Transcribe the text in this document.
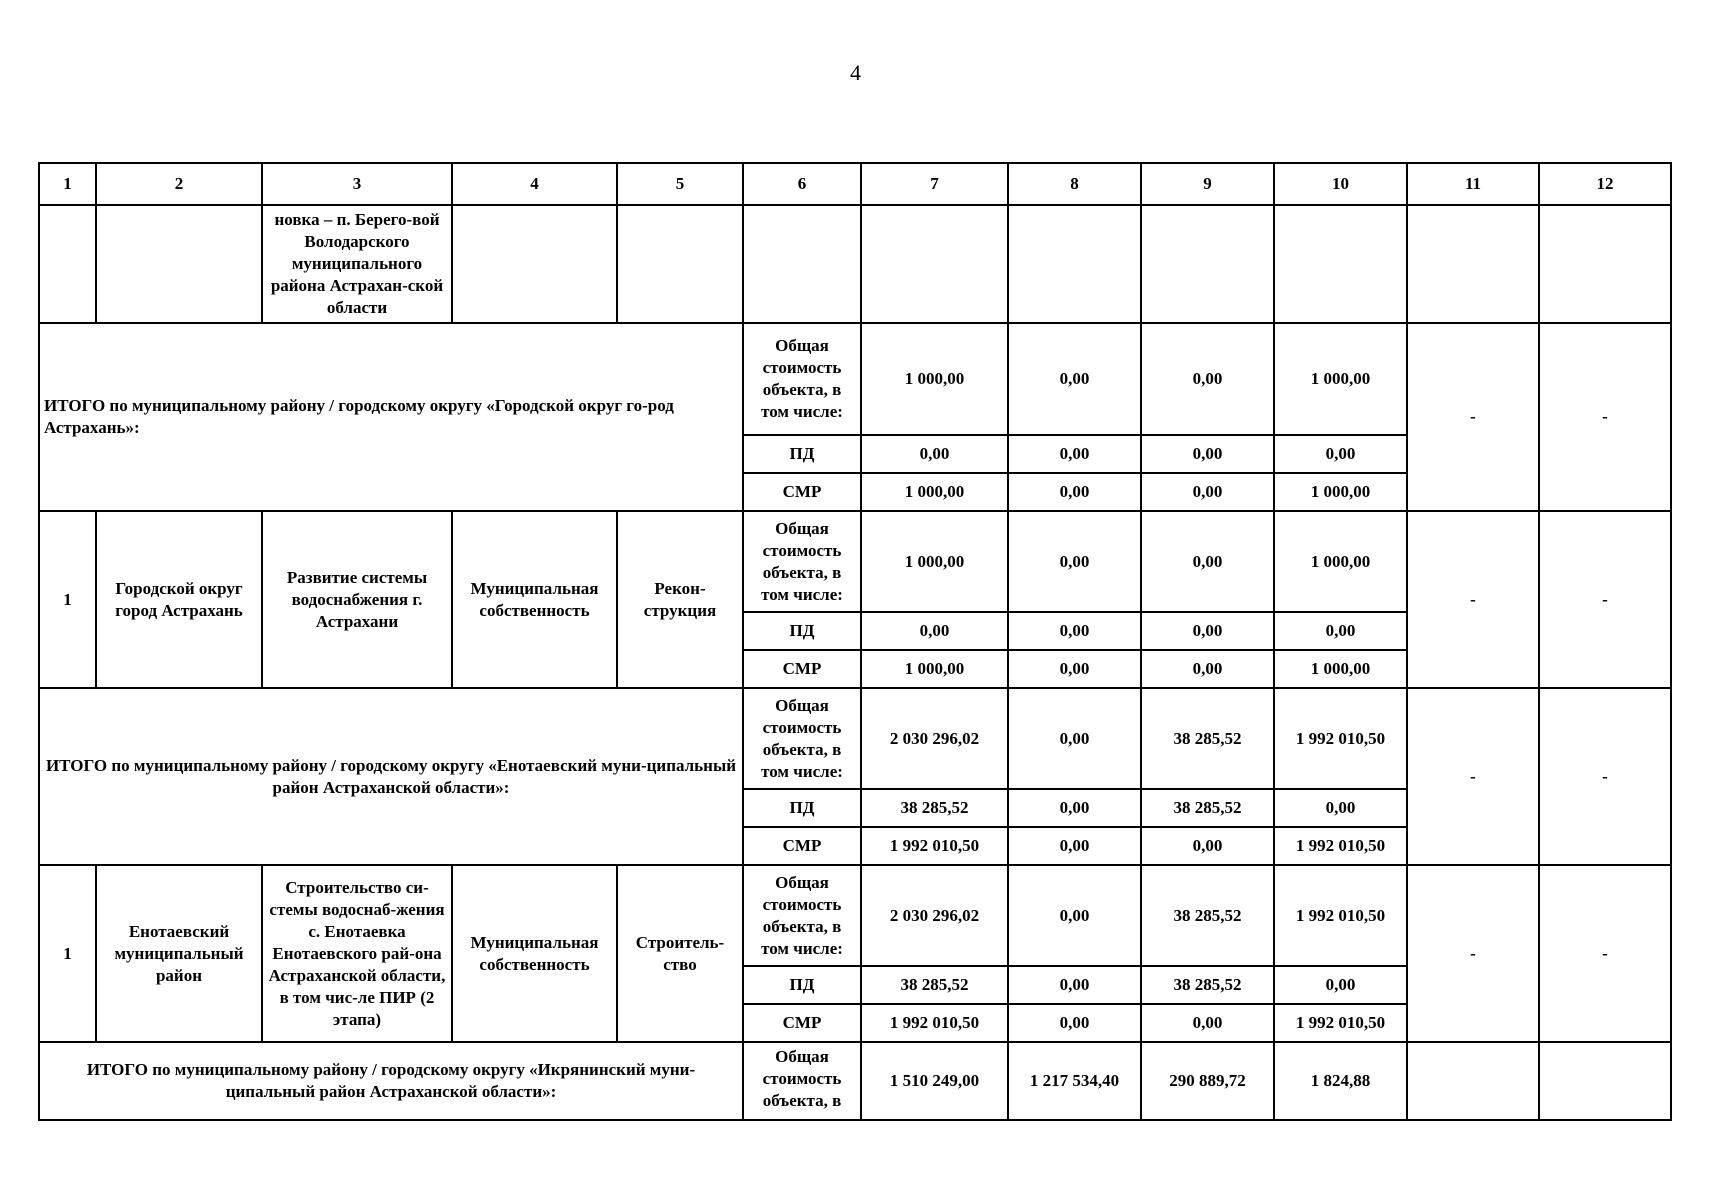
4
1	2	3	4	5	6	7	8	9	10	11	12
		новка – п. Берего-вой Володарского муниципального района Астрахан-ской области									
ИТОГО по муниципальному району / городскому округу «Городской округ го-род Астрахань»:					Общая стоимость объекта, в том числе:	1 000,00	0,00	0,00	1 000,00	-	-
					ПД	0,00	0,00	0,00	0,00		
					СМР	1 000,00	0,00	0,00	1 000,00		
1	Городской округ город Астрахань	Развитие системы водоснабжения г. Астрахани	Муниципальная собственность	Рекон-струкция	Общая стоимость объекта, в том числе:	1 000,00	0,00	0,00	1 000,00	-	-
					ПД	0,00	0,00	0,00	0,00		
					СМР	1 000,00	0,00	0,00	1 000,00		
ИТОГО по муниципальному району / городскому округу «Енотаевский муни-ципальный район Астраханской области»:					Общая стоимость объекта, в том числе:	2 030 296,02	0,00	38 285,52	1 992 010,50	-	-
					ПД	38 285,52	0,00	38 285,52	0,00		
					СМР	1 992 010,50	0,00	0,00	1 992 010,50		
1	Енотаевский муниципальный район	Строительство си-стемы водоснаб-жения с. Енотаевка Енотаевского рай-она Астраханской области, в том чис-ле ПИР (2 этапа)	Муниципальная собственность	Строитель-ство	Общая стоимость объекта, в том числе:	2 030 296,02	0,00	38 285,52	1 992 010,50	-	-
					ПД	38 285,52	0,00	38 285,52	0,00		
					СМР	1 992 010,50	0,00	0,00	1 992 010,50		
ИТОГО по муниципальному району / городскому округу «Икрянинский муни-ципальный район Астраханской области»:					Общая стоимость объекта, в	1 510 249,00	1 217 534,40	290 889,72	1 824,88		
